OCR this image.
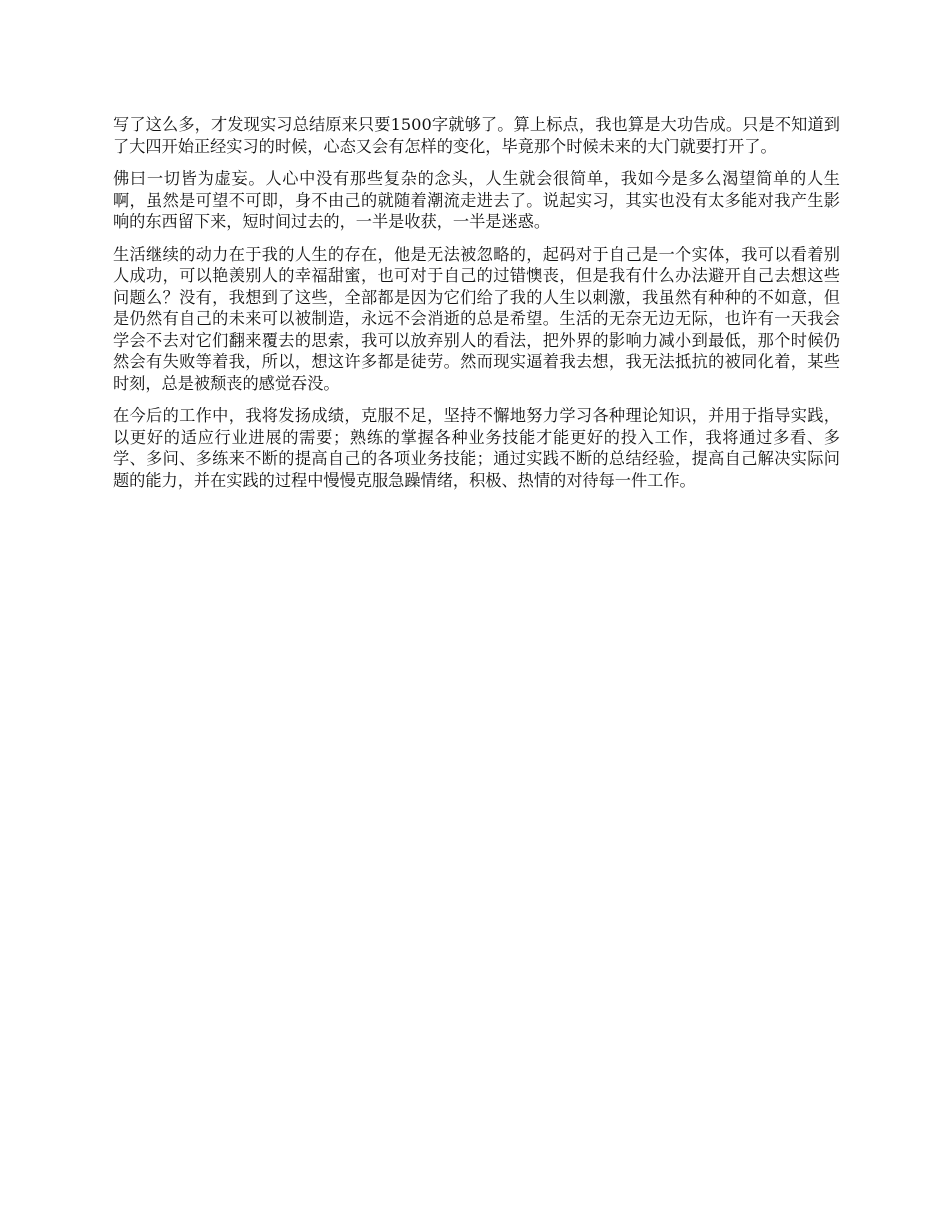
写了这么多，才发现实习总结原来只要1500字就够了。算上标点，我也算是大功告成。只是不知道到了大四开始正经实习的时候，心态又会有怎样的变化，毕竟那个时候未来的大门就要打开了。

佛曰一切皆为虚妄。人心中没有那些复杂的念头，人生就会很简单，我如今是多么渴望简单的人生啊，虽然是可望不可即，身不由己的就随着潮流走进去了。说起实习，其实也没有太多能对我产生影响的东西留下来，短时间过去的，一半是收获，一半是迷惑。

生活继续的动力在于我的人生的存在，他是无法被忽略的，起码对于自己是一个实体，我可以看着别人成功，可以艳羡别人的幸福甜蜜，也可对于自己的过错懊丧，但是我有什么办法避开自己去想这些问题么？没有，我想到了这些，全部都是因为它们给了我的人生以刺激，我虽然有种种的不如意，但是仍然有自己的未来可以被制造，永远不会消逝的总是希望。生活的无奈无边无际，也许有一天我会学会不去对它们翻来覆去的思索，我可以放弃别人的看法，把外界的影响力减小到最低，那个时候仍然会有失败等着我，所以，想这许多都是徒劳。然而现实逼着我去想，我无法抵抗的被同化着，某些时刻，总是被颓丧的感觉吞没。

在今后的工作中，我将发扬成绩，克服不足，坚持不懈地努力学习各种理论知识，并用于指导实践，以更好的适应行业进展的需要；熟练的掌握各种业务技能才能更好的投入工作，我将通过多看、多学、多问、多练来不断的提高自己的各项业务技能；通过实践不断的总结经验，提高自己解决实际问题的能力，并在实践的过程中慢慢克服急躁情绪，积极、热情的对待每一件工作。
